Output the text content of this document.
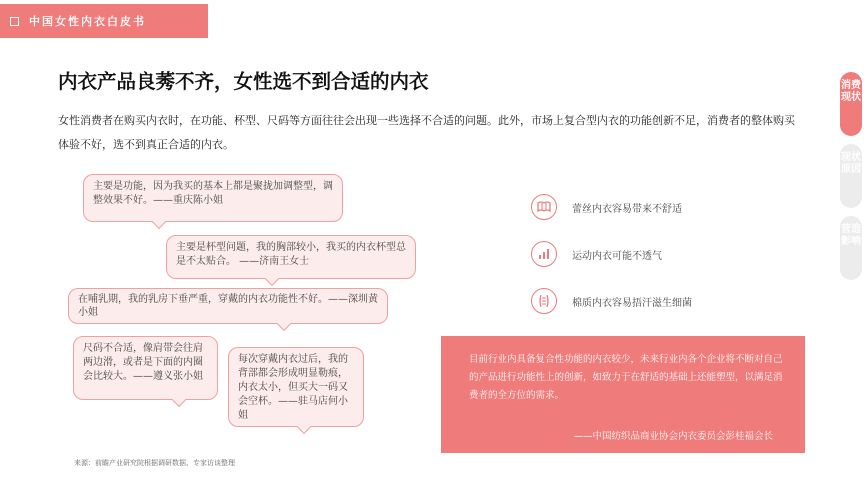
中国女性内衣白皮书
内衣产品良莠不齐，女性选不到合适的内衣
女性消费者在购买内衣时，在功能、杯型、尺码等方面往往会出现一些选择不合适的问题。此外，市场上复合型内衣的功能创新不足，消费者的整体购买体验不好，选不到真正合适的内衣。
消费现状
现状原因
营造影响
主要是功能，因为我买的基本上都是聚拢加调整型，调整效果不好。——重庆陈小姐
主要是杯型问题，我的胸部较小，我买的内衣杯型总是不太贴合。 ——济南王女士
在哺乳期，我的乳房下垂严重，穿戴的内衣功能性不好。——深圳黄小姐
尺码不合适，像肩带会往肩两边滑，或者是下面的内圈会比较大。——遵义张小姐
每次穿戴内衣过后，我的背部都会形成明显勒痕，内衣太小，但买大一码又会空杯。——驻马店何小姐
蕾丝内衣容易带来不舒适
运动内衣可能不透气
棉质内衣容易捂汗滋生细菌
目前行业内具备复合性功能的内衣较少，未来行业内各个企业将不断对自己的产品进行功能性上的创新，如致力于在舒适的基础上还能塑型，以满足消费者的全方位的需求。
——中国纺织品商业协会内衣委员会彭桂福会长
来源：前瞻产业研究院根据调研数据、专家访谈整理
